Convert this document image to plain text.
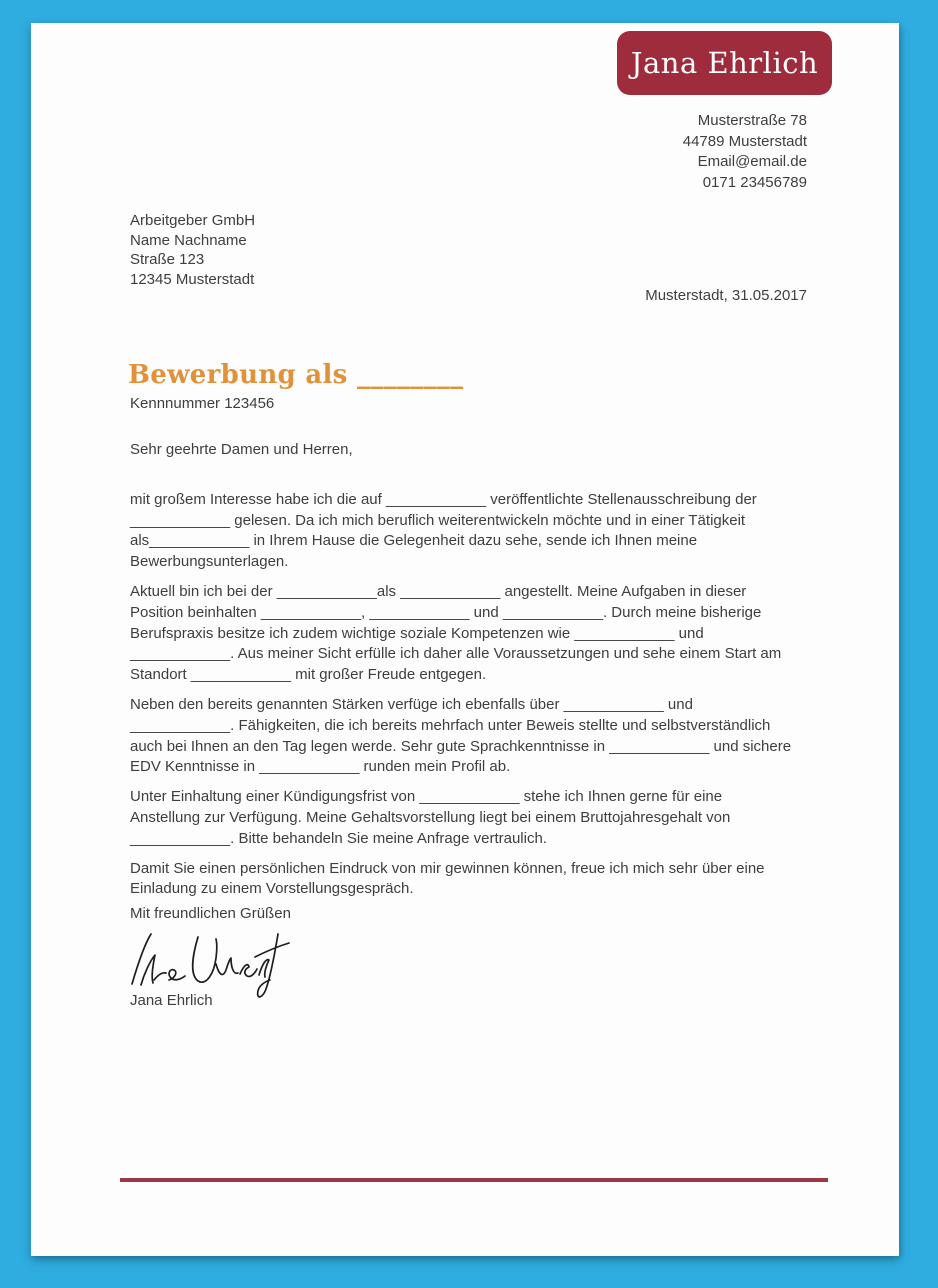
Jana Ehrlich
Musterstraße 78
44789 Musterstadt
Email@email.de
0171 23456789
Arbeitgeber GmbH
Name Nachname
Straße 123
12345 Musterstadt
Musterstadt, 31.05.2017
Bewerbung als ________
Kennnummer 123456

Sehr geehrte Damen und Herren,

mit großem Interesse habe ich die auf ____________ veröffentlichte Stellenausschreibung der ____________ gelesen. Da ich mich beruflich weiterentwickeln möchte und in einer Tätigkeit als____________ in Ihrem Hause die Gelegenheit dazu sehe, sende ich Ihnen meine Bewerbungsunterlagen.

Aktuell bin ich bei der ____________als ____________ angestellt. Meine Aufgaben in dieser Position beinhalten ____________, ____________ und ____________. Durch meine bisherige Berufspraxis besitze ich zudem wichtige soziale Kompetenzen wie ____________ und ____________. Aus meiner Sicht erfülle ich daher alle Voraussetzungen und sehe einem Start am Standort ____________ mit großer Freude entgegen.

Neben den bereits genannten Stärken verfüge ich ebenfalls über ____________ und ____________. Fähigkeiten, die ich bereits mehrfach unter Beweis stellte und selbstverständlich auch bei Ihnen an den Tag legen werde. Sehr gute Sprachkenntnisse in ____________ und sichere EDV Kenntnisse in ____________ runden mein Profil ab.

Unter Einhaltung einer Kündigungsfrist von ____________ stehe ich Ihnen gerne für eine Anstellung zur Verfügung. Meine Gehaltsvorstellung liegt bei einem Bruttojahresgehalt von ____________. Bitte behandeln Sie meine Anfrage vertraulich.

Damit Sie einen persönlichen Eindruck von mir gewinnen können, freue ich mich sehr über eine Einladung zu einem Vorstellungsgespräch.

Mit freundlichen Grüßen
Jana Ehrlich
